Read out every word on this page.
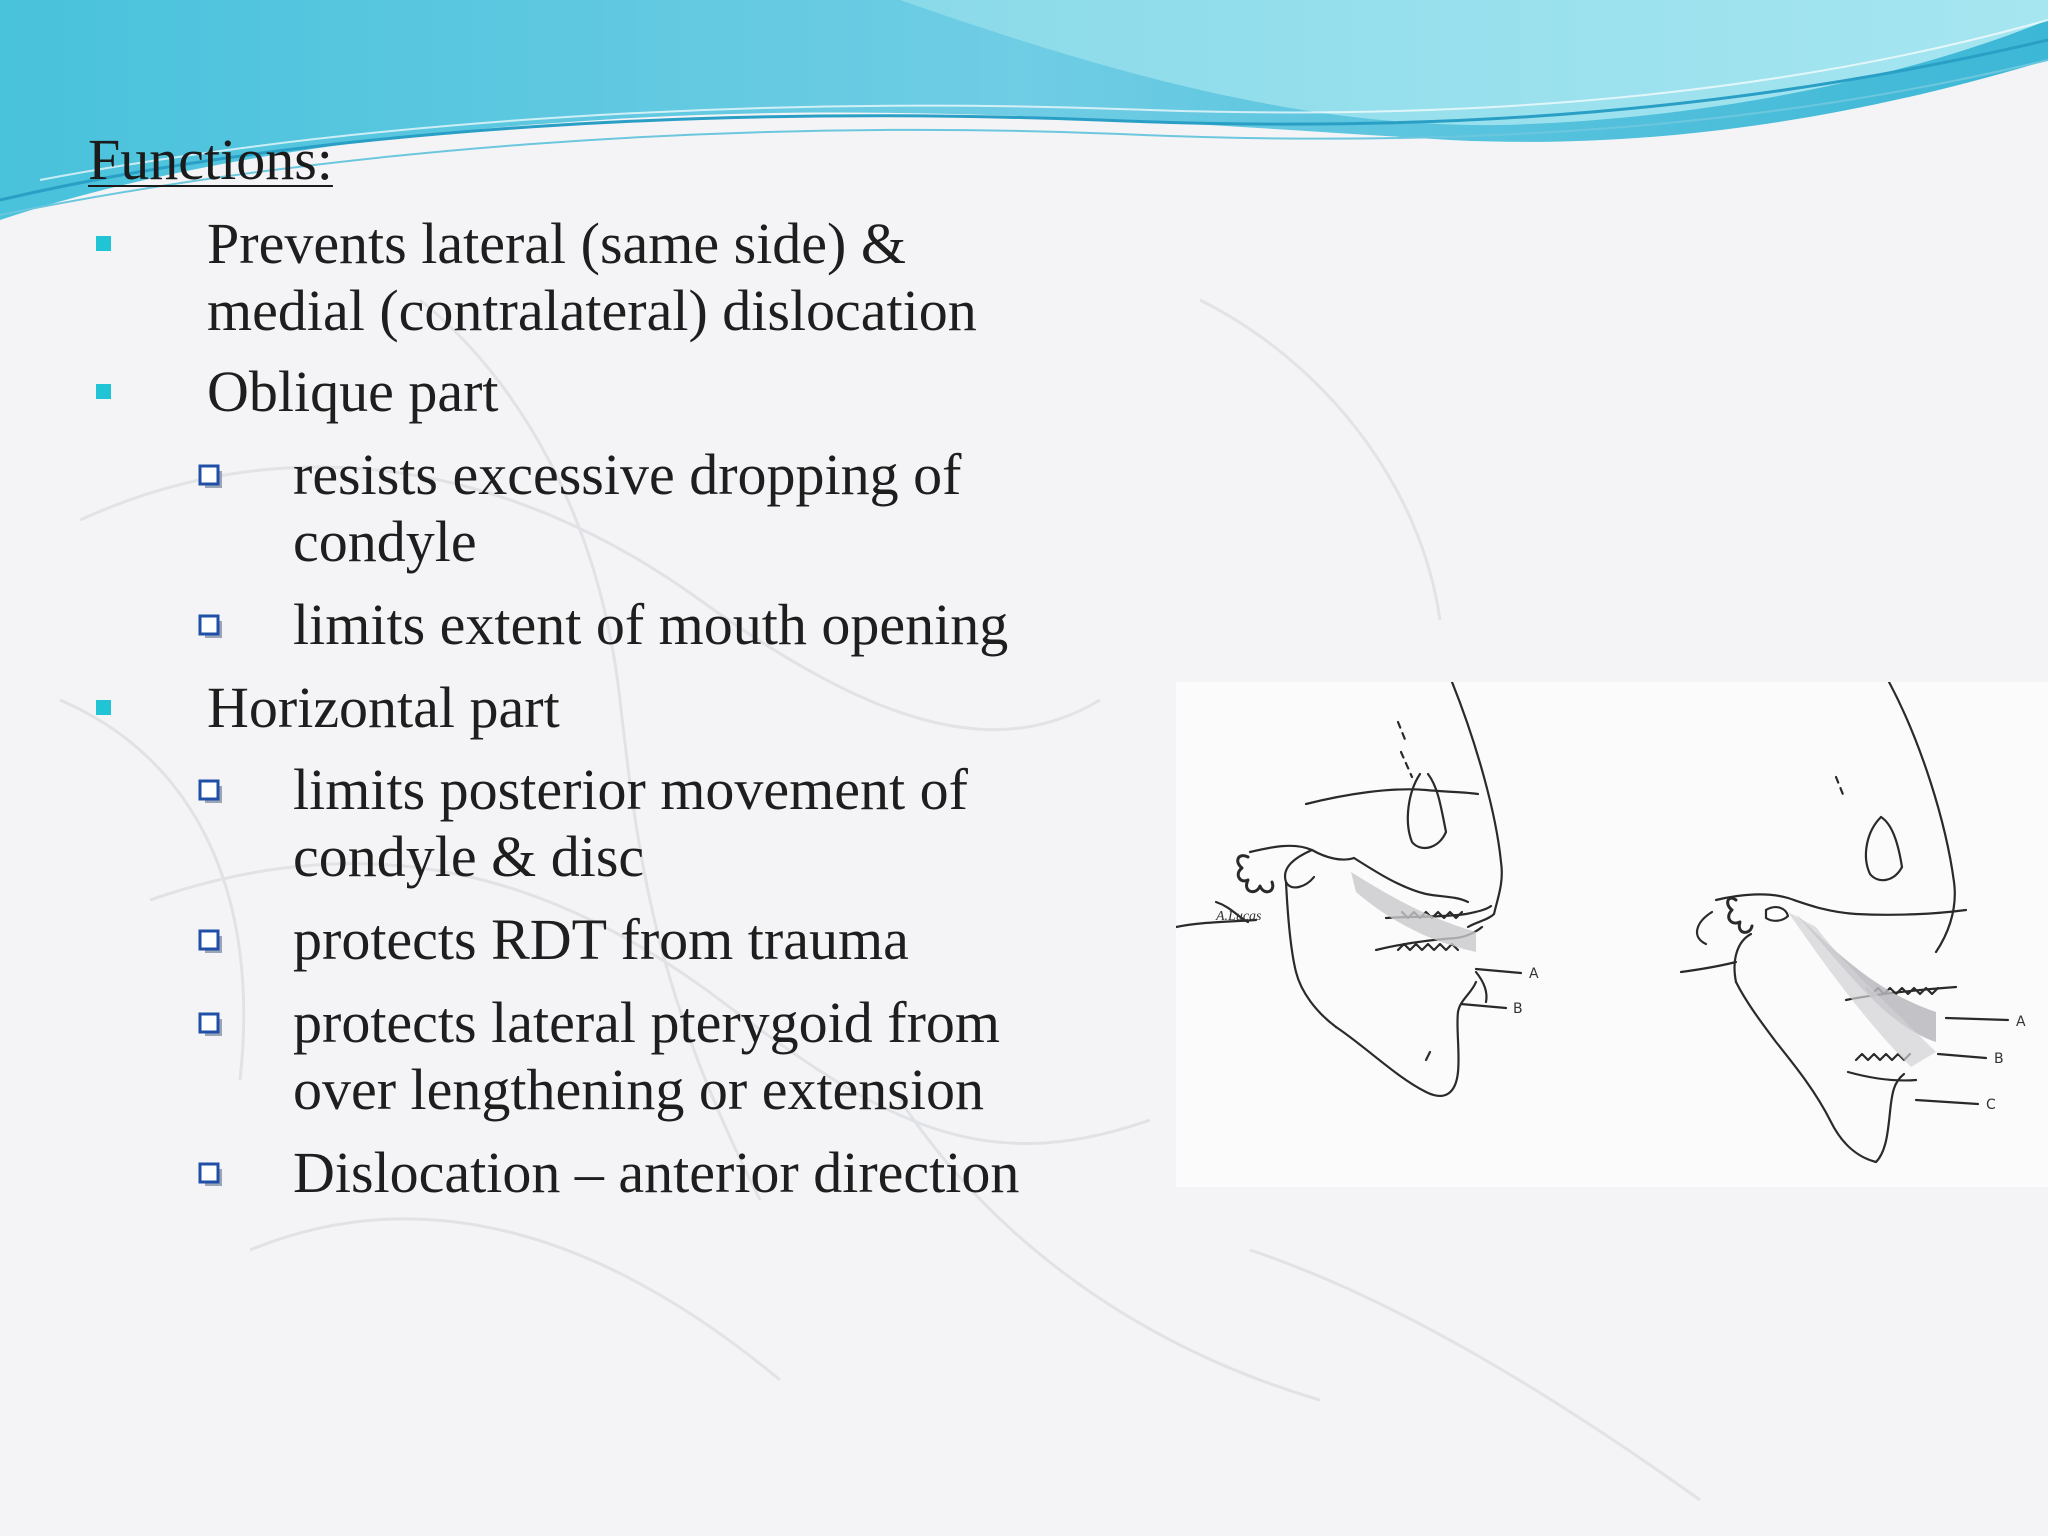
Functions:
Prevents lateral (same side) &
medial (contralateral) dislocation
Oblique part
resists excessive dropping of
condyle
limits extent of mouth opening
Horizontal part
limits posterior movement of
condyle & disc
protects RDT from trauma
protects lateral pterygoid from
over lengthening or extension
Dislocation – anterior direction
A.Lucas
A
B
A
B
C
